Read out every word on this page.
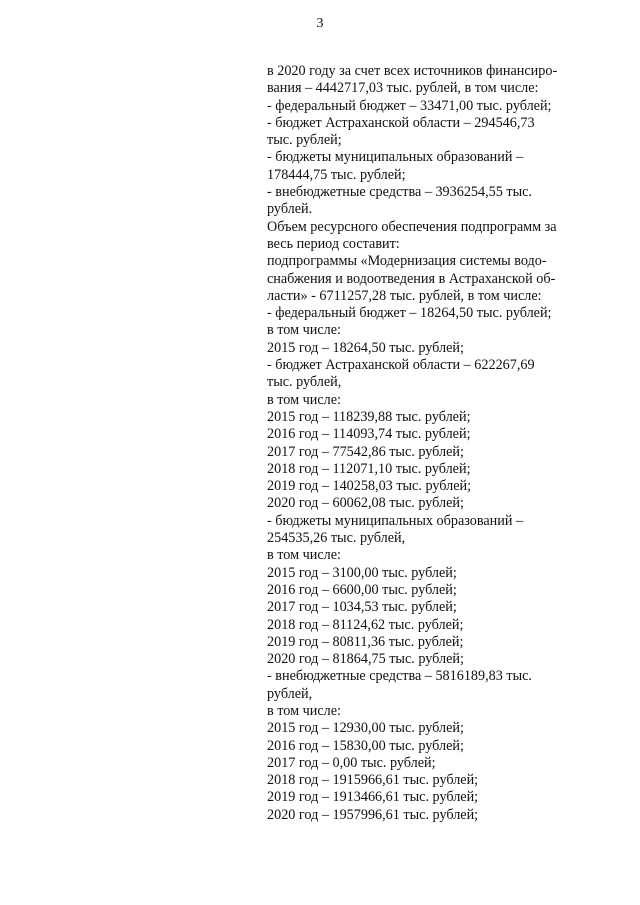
3
в 2020 году за счет всех источников финансиро-
вания – 4442717,03 тыс. рублей, в том числе:
- федеральный бюджет – 33471,00 тыс. рублей;
- бюджет Астраханской области – 294546,73
тыс. рублей;
- бюджеты муниципальных образований –
178444,75 тыс. рублей;
- внебюджетные средства – 3936254,55 тыс.
рублей.
Объем ресурсного обеспечения подпрограмм за
весь период составит:
подпрограммы «Модернизация системы водо-
снабжения и водоотведения в Астраханской об-
ласти» - 6711257,28 тыс. рублей, в том числе:
- федеральный бюджет – 18264,50 тыс. рублей;
в том числе:
2015 год – 18264,50 тыс. рублей;
- бюджет Астраханской области – 622267,69
тыс. рублей,
в том числе:
2015 год – 118239,88 тыс. рублей;
2016 год – 114093,74 тыс. рублей;
2017 год – 77542,86 тыс. рублей;
2018 год – 112071,10 тыс. рублей;
2019 год – 140258,03 тыс. рублей;
2020 год – 60062,08 тыс. рублей;
- бюджеты муниципальных образований –
254535,26 тыс. рублей,
в том числе:
2015 год – 3100,00 тыс. рублей;
2016 год – 6600,00 тыс. рублей;
2017 год – 1034,53 тыс. рублей;
2018 год – 81124,62 тыс. рублей;
2019 год – 80811,36 тыс. рублей;
2020 год – 81864,75 тыс. рублей;
- внебюджетные средства – 5816189,83 тыс.
рублей,
в том числе:
2015 год – 12930,00 тыс. рублей;
2016 год – 15830,00 тыс. рублей;
2017 год – 0,00 тыс. рублей;
2018 год – 1915966,61 тыс. рублей;
2019 год – 1913466,61 тыс. рублей;
2020 год – 1957996,61 тыс. рублей;
